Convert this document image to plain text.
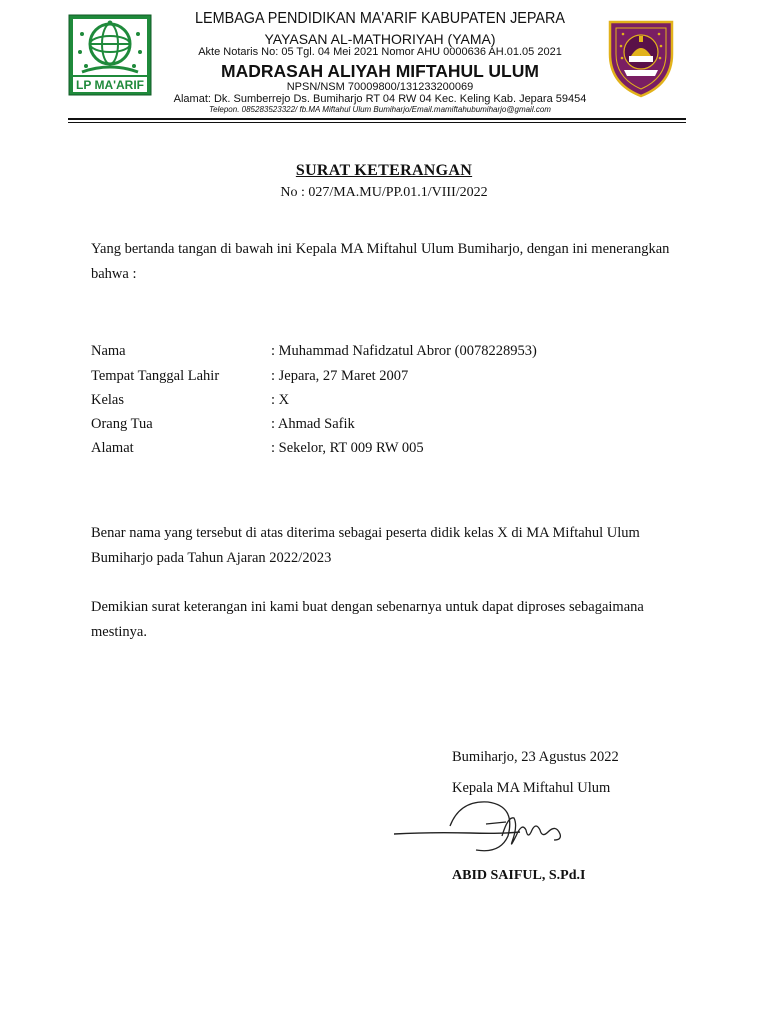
LP MA'ARIF
LEMBAGA PENDIDIKAN MA'ARIF KABUPATEN JEPARA
YAYASAN AL-MATHORIYAH (YAMA)
Akte Notaris No: 05 Tgl. 04 Mei 2021 Nomor AHU 0000636 AH.01.05 2021
MADRASAH ALIYAH MIFTAHUL ULUM
NPSN/NSM 70009800/131233200069
Alamat: Dk. Sumberrejo Ds. Bumiharjo RT 04 RW 04 Kec. Keling Kab. Jepara 59454
Telepon. 085283523322/ fb.MA Miftahul Ulum Bumiharjo/Email.mamiftahubumiharjo@gmail.com
SURAT KETERANGAN
No : 027/MA.MU/PP.01.1/VIII/2022

Yang bertanda tangan di bawah ini Kepala MA Miftahul Ulum Bumiharjo, dengan ini menerangkan bahwa :

Nama	: Muhammad Nafidzatul Abror (0078228953)
Tempat Tanggal Lahir	: Jepara, 27 Maret 2007
Kelas	: X
Orang Tua	: Ahmad Safik
Alamat	: Sekelor, RT 009 RW 005

Benar nama yang tersebut di atas diterima sebagai peserta didik kelas X di MA Miftahul Ulum Bumiharjo pada Tahun Ajaran 2022/2023

Demikian surat keterangan ini kami buat dengan sebenarnya untuk dapat diproses sebagaimana mestinya.

Bumiharjo, 23 Agustus 2022
Kepala MA Miftahul Ulum
ABID SAIFUL, S.Pd.I
